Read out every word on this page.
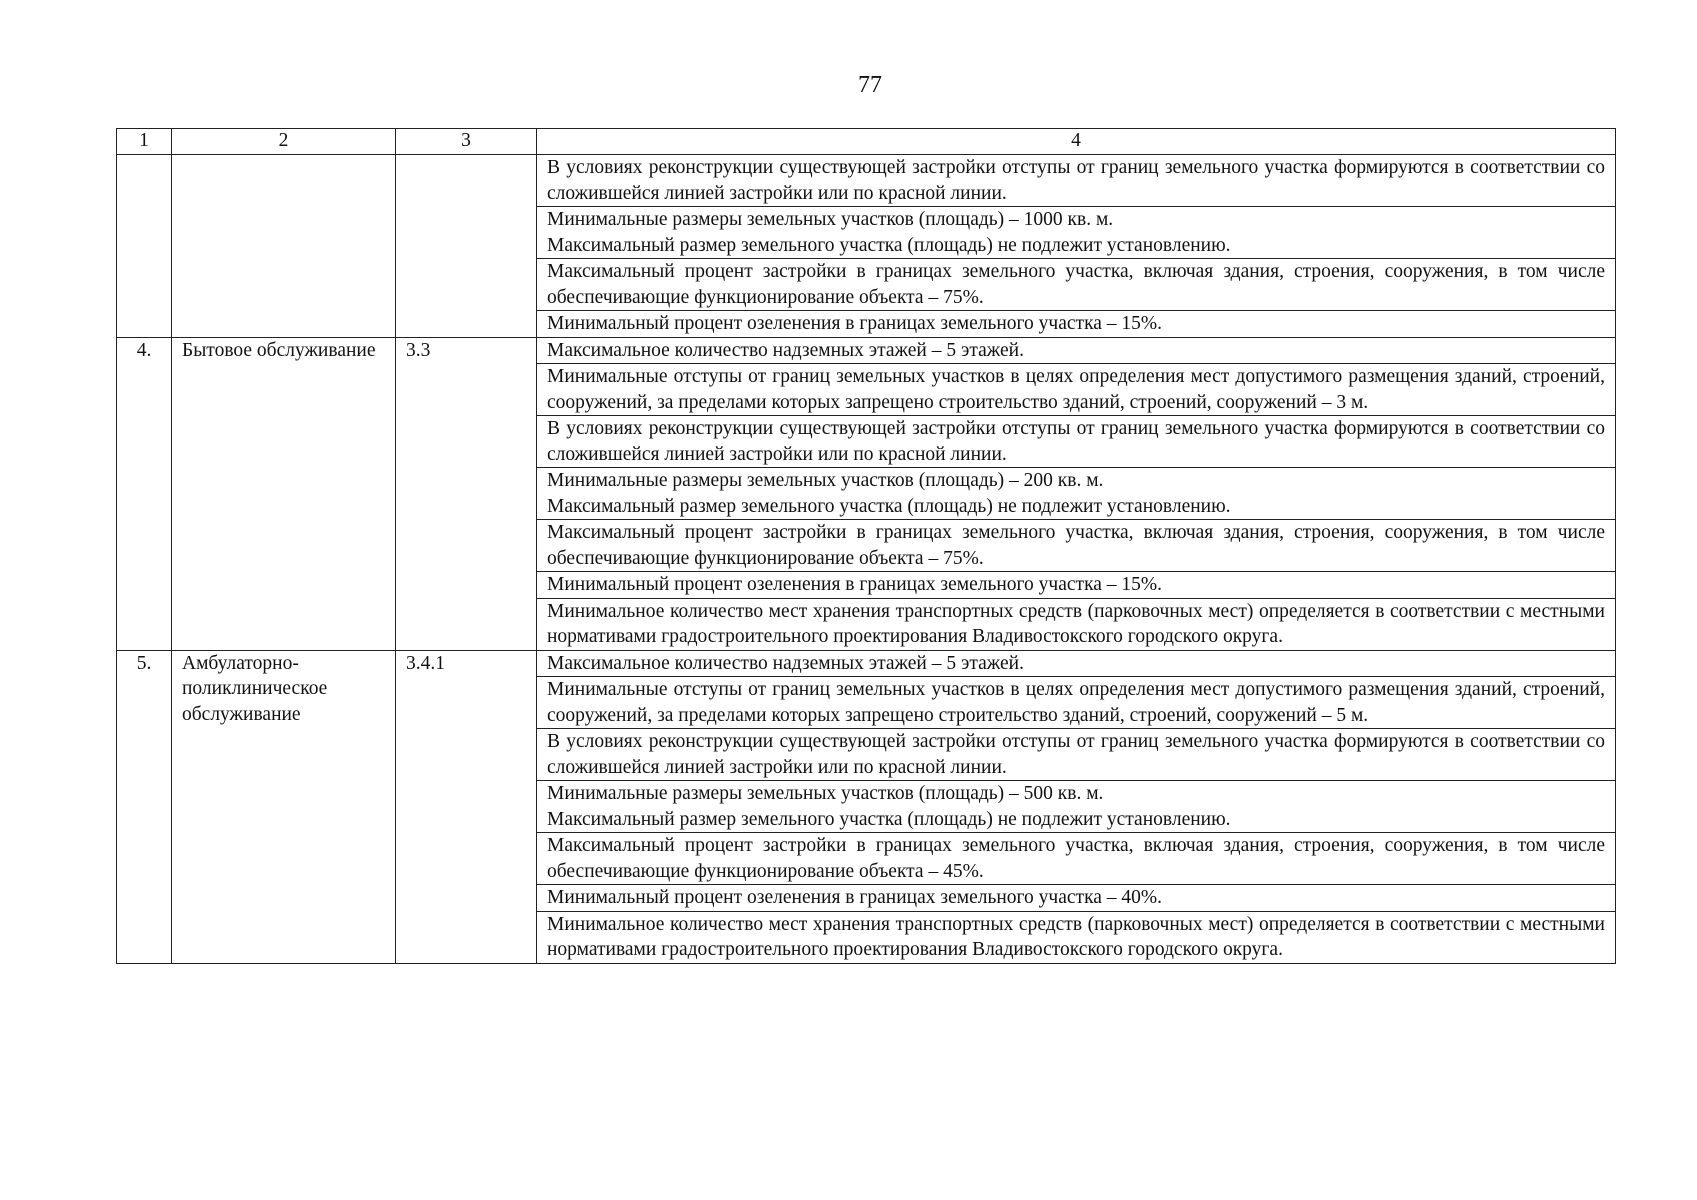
77
1	2	3	4
			В условиях реконструкции существующей застройки отступы от границ земельного участка формируются в соответствии со сложившейся линией застройки или по красной линии.

			Минимальные размеры земельных участков (площадь) – 1000 кв. м.
Максимальный размер земельного участка (площадь) не подлежит установлению.

			Максимальный процент застройки в границах земельного участка, включая здания, строения, сооружения, в том числе обеспечивающие функционирование объекта – 75%.
			Минимальный процент озеленения в границах земельного участка – 15%.
4.	Бытовое обслуживание	3.3	Максимальное количество надземных этажей – 5 этажей.
			Минимальные отступы от границ земельных участков в целях определения мест допустимого размещения зданий, строений, сооружений, за пределами которых запрещено строительство зданий, строений, сооружений – 3 м.
			В условиях реконструкции существующей застройки отступы от границ земельного участка формируются в соответствии со сложившейся линией застройки или по красной линии.

			Минимальные размеры земельных участков (площадь) – 200 кв. м.
Максимальный размер земельного участка (площадь) не подлежит установлению.

			Максимальный процент застройки в границах земельного участка, включая здания, строения, сооружения, в том числе обеспечивающие функционирование объекта – 75%.
			Минимальный процент озеленения в границах земельного участка – 15%.
			Минимальное количество мест хранения транспортных средств (парковочных мест) определяется в соответствии с местными нормативами градостроительного проектирования Владивостокского городского округа.
5.	Амбулаторно-поликлиническое обслуживание	3.4.1	Максимальное количество надземных этажей – 5 этажей.
			Минимальные отступы от границ земельных участков в целях определения мест допустимого размещения зданий, строений, сооружений, за пределами которых запрещено строительство зданий, строений, сооружений – 5 м.
			В условиях реконструкции существующей застройки отступы от границ земельного участка формируются в соответствии со сложившейся линией застройки или по красной линии.

			Минимальные размеры земельных участков (площадь) – 500 кв. м.
Максимальный размер земельного участка (площадь) не подлежит установлению.

			Максимальный процент застройки в границах земельного участка, включая здания, строения, сооружения, в том числе обеспечивающие функционирование объекта – 45%.
			Минимальный процент озеленения в границах земельного участка – 40%.
			Минимальное количество мест хранения транспортных средств (парковочных мест) определяется в соответствии с местными нормативами градостроительного проектирования Владивостокского городского округа.
